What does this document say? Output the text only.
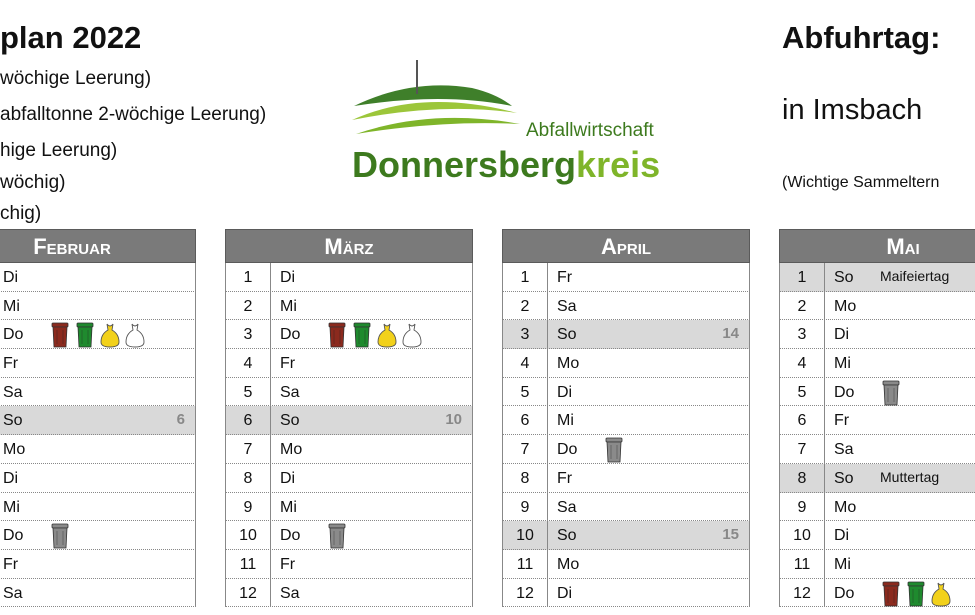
plan 2022	Abfuhrtag:
in Imsbach
(Wichtige Sammeltern
wöchige Leerung)
abfalltonne 2-wöchige Leerung)
hige Leerung)
wöchig)
chig)
Abfallwirtschaft
Donnersbergkreis
Februar
Di
Mi
Do
Fr
Sa
So	6
Mo
Di
Mi
Do
Fr
Sa
März
1	Di
2	Mi
3	Do
4	Fr
5	Sa
6	So	10
7	Mo
8	Di
9	Mi
10	Do
11	Fr
12	Sa
April
1	Fr
2	Sa
3	So	14
4	Mo
5	Di
6	Mi
7	Do
8	Fr
9	Sa
10	So	15
11	Mo
12	Di
Mai
1	So Maifeiertag
2	Mo
3	Di
4	Mi
5	Do
6	Fr
7	Sa
8	So Muttertag
9	Mo
10	Di
11	Mi
12	Do
